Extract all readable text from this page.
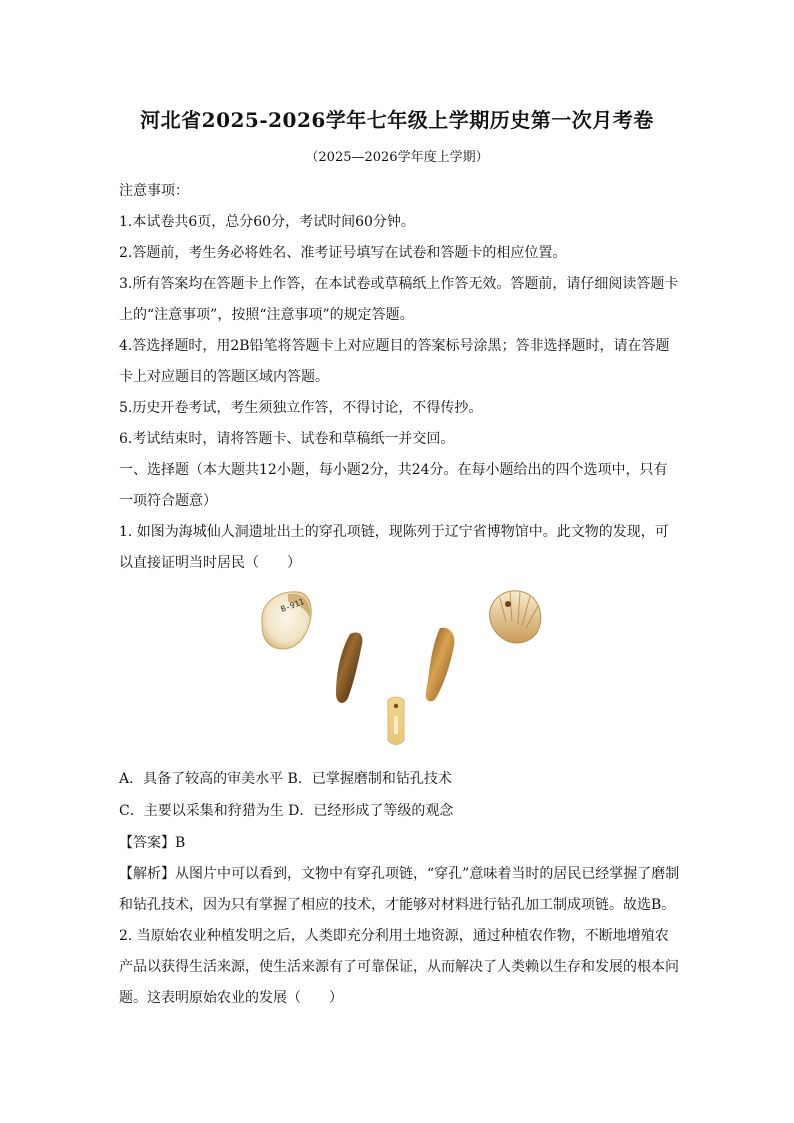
河北省2025-2026学年七年级上学期历史第一次月考卷
（2025—2026学年度上学期）
注意事项：
1.本试卷共6页，总分60分，考试时间60分钟。
2.答题前，考生务必将姓名、准考证号填写在试卷和答题卡的相应位置。
3.所有答案均在答题卡上作答，在本试卷或草稿纸上作答无效。答题前，请仔细阅读答题卡
上的“注意事项”，按照“注意事项”的规定答题。
4.答选择题时，用2B铅笔将答题卡上对应题目的答案标号涂黑；答非选择题时，请在答题
卡上对应题目的答题区域内答题。
5.历史开卷考试，考生须独立作答，不得讨论，不得传抄。
6.考试结束时，请将答题卡、试卷和草稿纸一并交回。
一、选择题（本大题共12小题，每小题2分，共24分。在每小题给出的四个选项中，只有
一项符合题意）
1. 如图为海城仙人洞遗址出土的穿孔项链，现陈列于辽宁省博物馆中。此文物的发现，可
以直接证明当时居民（　　）
B-911
A．具备了较高的审美水平 B．已掌握磨制和钻孔技术
C．主要以采集和狩猎为生 D．已经形成了等级的观念
【答案】B
【解析】从图片中可以看到，文物中有穿孔项链，“穿孔”意味着当时的居民已经掌握了磨制
和钻孔技术，因为只有掌握了相应的技术，才能够对材料进行钻孔加工制成项链。故选B。
2. 当原始农业种植发明之后，人类即充分利用土地资源，通过种植农作物，不断地增殖农
产品以获得生活来源，使生活来源有了可靠保证，从而解决了人类赖以生存和发展的根本问
题。这表明原始农业的发展（　　）
